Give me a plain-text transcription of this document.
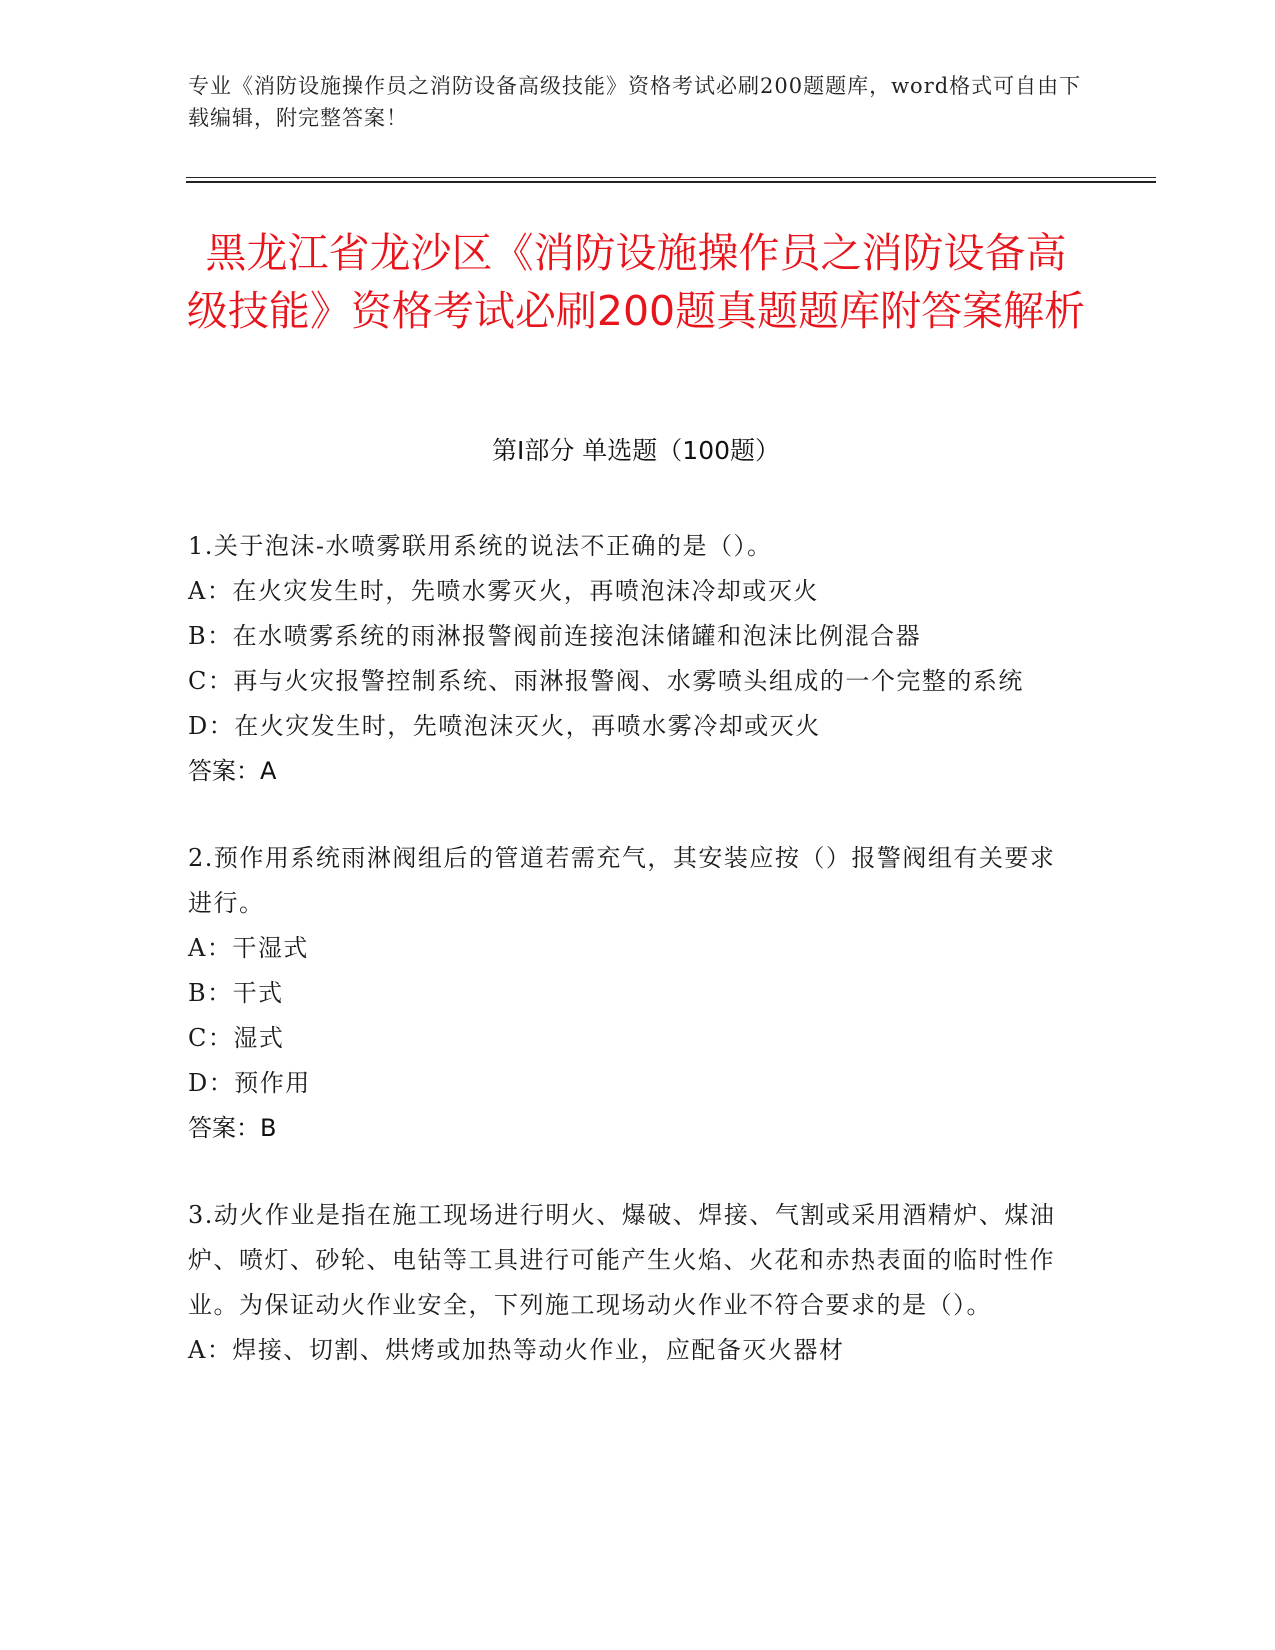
专业《消防设施操作员之消防设备高级技能》资格考试必刷200题题库，word格式可自由下载编辑，附完整答案！
黑龙江省龙沙区《消防设施操作员之消防设备高级技能》资格考试必刷200题真题题库附答案解析
第Ⅰ部分 单选题（100题）

1.关于泡沫-水喷雾联用系统的说法不正确的是（）。

A：在火灾发生时，先喷水雾灭火，再喷泡沫冷却或灭火

B：在水喷雾系统的雨淋报警阀前连接泡沫储罐和泡沫比例混合器

C：再与火灾报警控制系统、雨淋报警阀、水雾喷头组成的一个完整的系统

D：在火灾发生时，先喷泡沫灭火，再喷水雾冷却或灭火

答案：A

2.预作用系统雨淋阀组后的管道若需充气，其安装应按（）报警阀组有关要求进行。

A：干湿式

B：干式

C：湿式

D：预作用

答案：B

3.动火作业是指在施工现场进行明火、爆破、焊接、气割或采用酒精炉、煤油炉、喷灯、砂轮、电钻等工具进行可能产生火焰、火花和赤热表面的临时性作业。为保证动火作业安全，下列施工现场动火作业不符合要求的是（）。

A：焊接、切割、烘烤或加热等动火作业，应配备灭火器材
